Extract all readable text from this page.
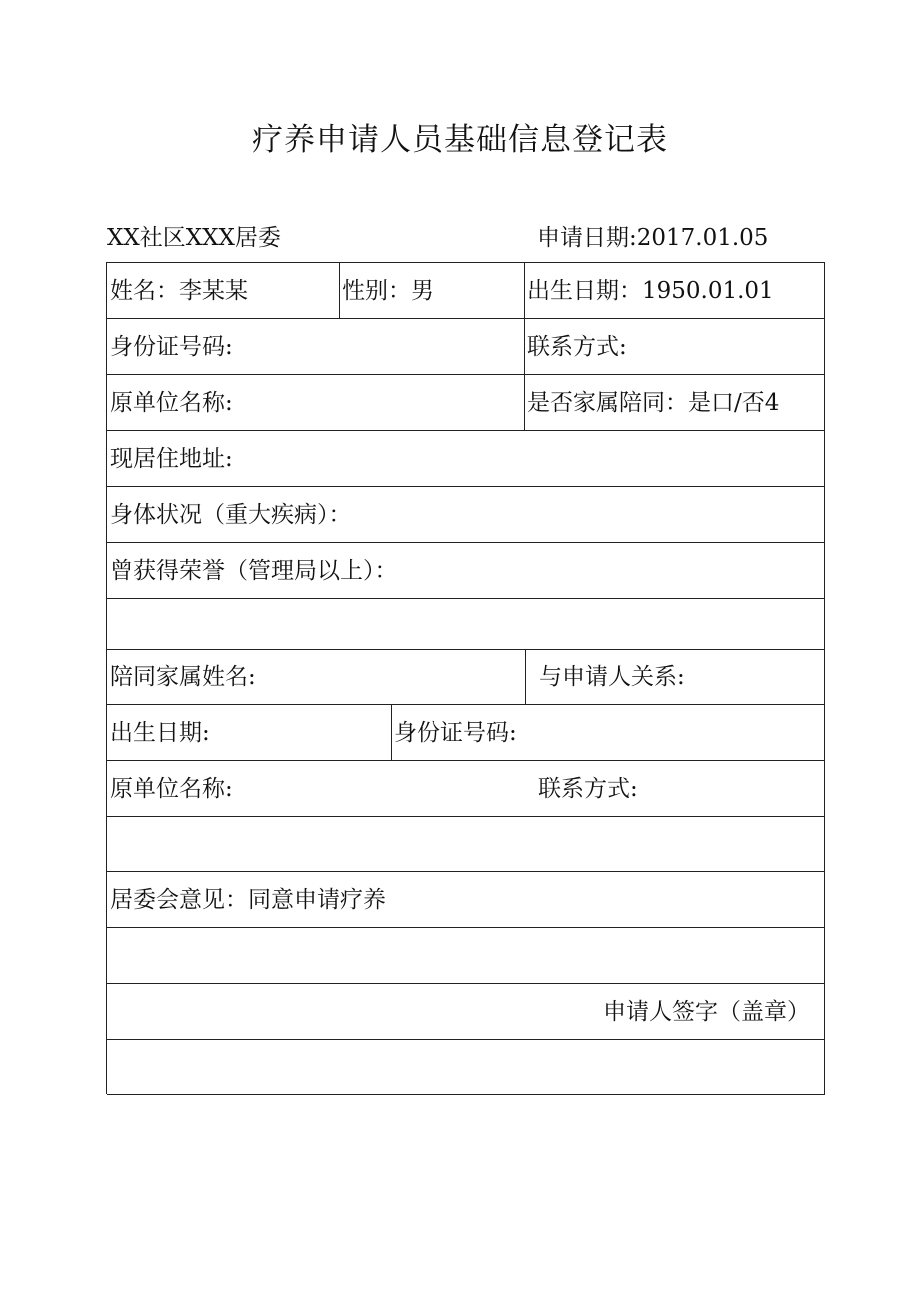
疗养申请人员基础信息登记表
XX社区XXX居委	申请日期:2017.01.05
姓名：李某某	性别：男	出生日期：1950.01.01
身份证号码:	联系方式:
原单位名称:	是否家属陪同：是口/否4
现居住地址:
身体状况（重大疾病）：
曾获得荣誉（管理局以上）：
陪同家属姓名:	与申请人关系:
出生日期:	身份证号码:
原单位名称:	联系方式:
居委会意见：同意申请疗养
申请人签字（盖章）
